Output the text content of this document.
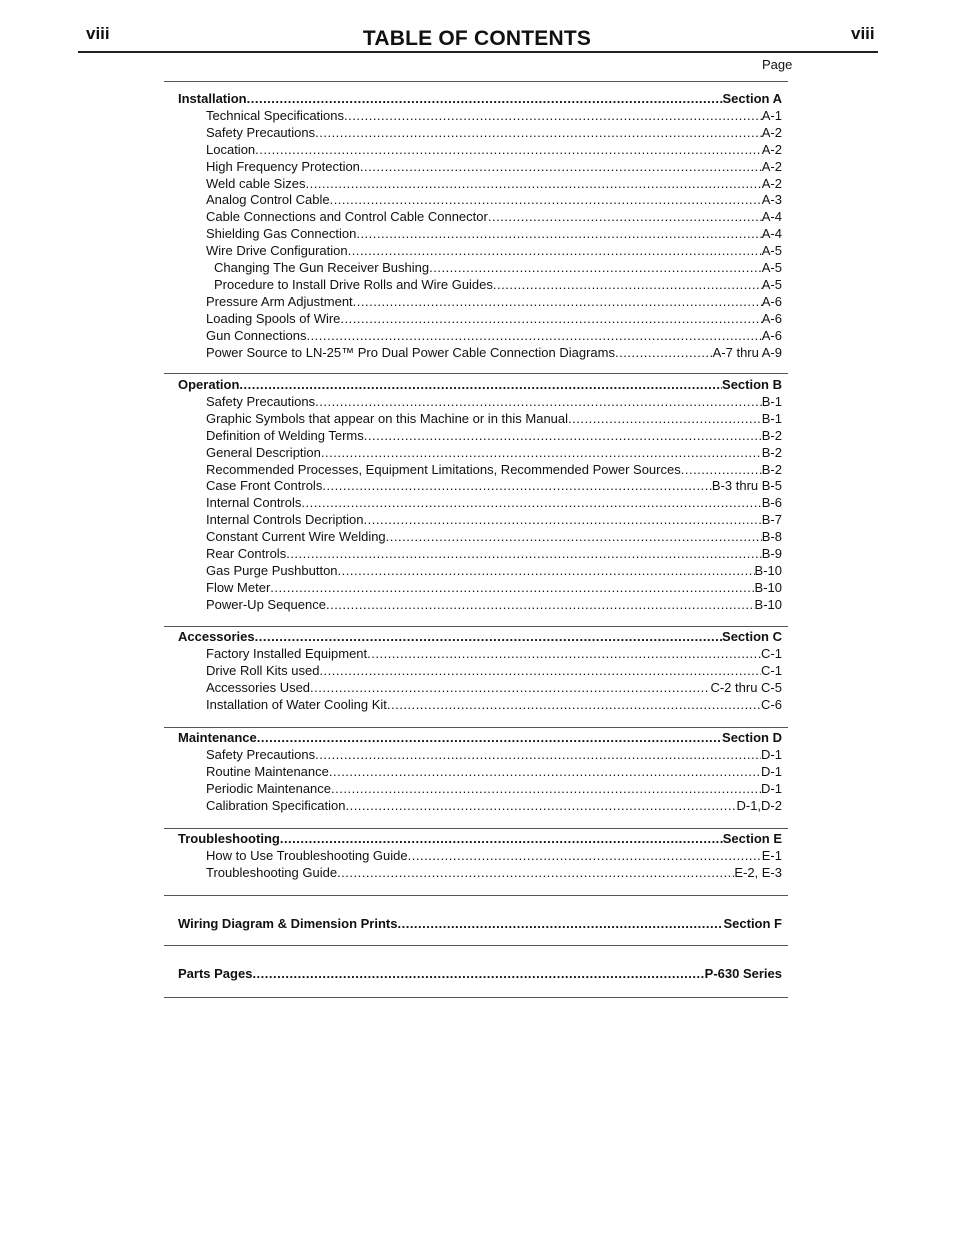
viii	TABLE OF CONTENTS	viii
Page
Installation .....	Section A
Technical Specifications .....	A-1
Safety Precautions .....	A-2
Location .....	A-2
High Frequency Protection .....	A-2
Weld cable Sizes .....	A-2
Analog Control Cable .....	A-3
Cable Connections and Control Cable Connector .....	A-4
Shielding Gas Connection .....	A-4
Wire Drive Configuration .....	A-5
Changing The Gun Receiver Bushing .....	A-5
Procedure to Install Drive Rolls and Wire Guides .....	A-5
Pressure Arm Adjustment .....	A-6
Loading Spools of Wire .....	A-6
Gun Connections .....	A-6
Power Source to LN-25™ Pro Dual Power Cable Connection Diagrams .....	A-7 thru A-9
Operation .....	Section B
Safety Precautions .....	B-1
Graphic Symbols that appear on this Machine or in this Manual .....	B-1
Definition of Welding Terms .....	B-2
General Description .....	B-2
Recommended Processes, Equipment Limitations, Recommended Power Sources .....	B-2
Case Front Controls .....	B-3 thru B-5
Internal Controls .....	B-6
Internal Controls Decription .....	B-7
Constant Current Wire Welding .....	B-8
Rear Controls .....	B-9
Gas Purge Pushbutton .....	B-10
Flow Meter .....	B-10
Power-Up Sequence .....	B-10
Accessories .....	Section C
Factory Installed Equipment .....	C-1
Drive Roll Kits used .....	C-1
Accessories Used .....	C-2 thru C-5
Installation of Water Cooling Kit .....	C-6
Maintenance .....	Section D
Safety Precautions .....	D-1
Routine Maintenance .....	D-1
Periodic Maintenance .....	D-1
Calibration Specification .....	D-1,D-2
Troubleshooting .....	Section E
How to Use Troubleshooting Guide .....	E-1
Troubleshooting Guide .....	E-2, E-3
Wiring Diagram & Dimension Prints .....	Section F
Parts Pages .....	P-630 Series
